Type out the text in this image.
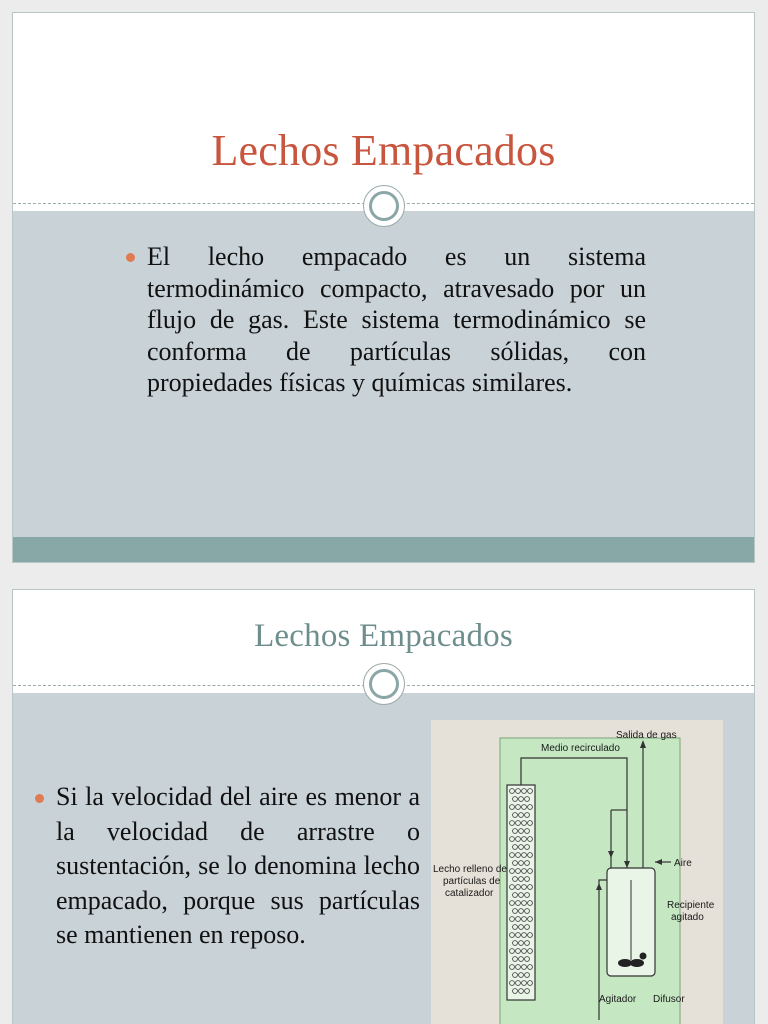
Lechos Empacados

El lecho empacado es un sistema termodinámico compacto, atravesado por un flujo de gas. Este sistema termodinámico se conforma de partículas sólidas, con propiedades físicas y químicas similares.

Lechos Empacados

Si la velocidad del aire es menor a la velocidad de arrastre o sustentación, se lo denomina lecho empacado, porque sus partículas se mantienen en reposo.

Salida de gas
Medio recirculado
Aire
Lecho relleno de
partículas de
catalizador
Recipiente
agitado
Agitador Difusor
